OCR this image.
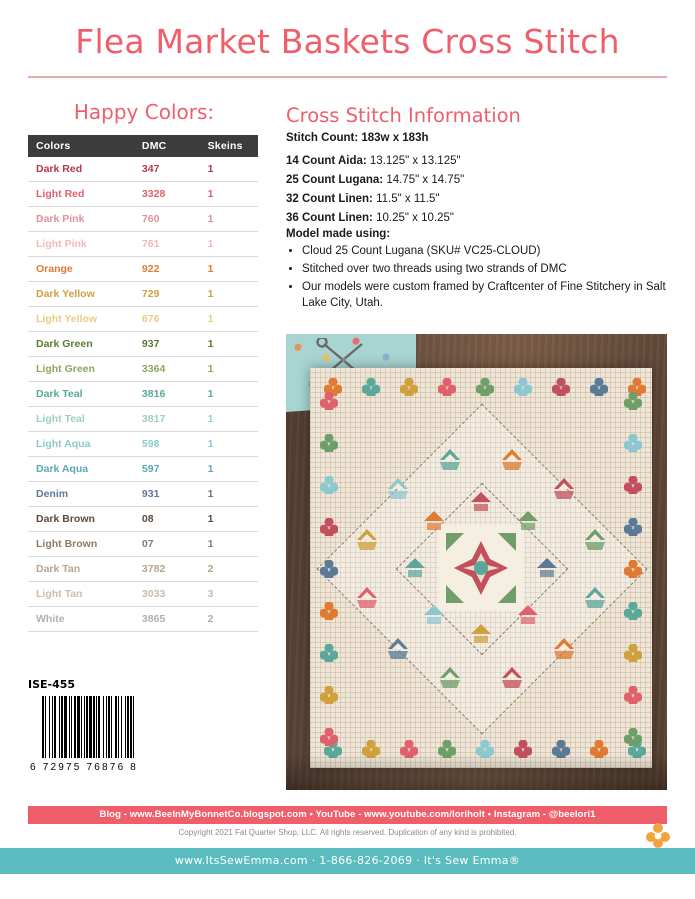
Flea Market Baskets Cross Stitch
Happy Colors:
Colors	DMC	Skeins
Dark Red	347	1
Light Red	3328	1
Dark Pink	760	1
Light Pink	761	1
Orange	922	1
Dark Yellow	729	1
Light Yellow	676	1
Dark Green	937	1
Light Green	3364	1
Dark Teal	3816	1
Light Teal	3817	1
Light Aqua	598	1
Dark Aqua	597	1
Denim	931	1
Dark Brown	08	1
Light Brown	07	1
Dark Tan	3782	2
Light Tan	3033	3
White	3865	2
ISE-455
6 72975 76876 8
Cross Stitch Information
Stitch Count: 183w x 183h
14 Count Aida: 13.125" x 13.125"
25 Count Lugana: 14.75" x 14.75"
32 Count Linen: 11.5" x 11.5"
36 Count Linen: 10.25" x 10.25"
Model made using:
• Cloud 25 Count Lugana (SKU# VC25-CLOUD)
• Stitched over two threads using two strands of DMC
• Our models were custom framed by Craftcenter of Fine Stitchery in Salt Lake City, Utah.
Blog - www.BeeInMyBonnetCo.blogspot.com • YouTube - www.youtube.com/loriholt • Instagram - @beelori1
Copyright 2021 Fat Quarter Shop, LLC. All rights reserved. Duplication of any kind is prohibited.
www.ItsSewEmma.com · 1-866-826-2069 · It's Sew Emma®
